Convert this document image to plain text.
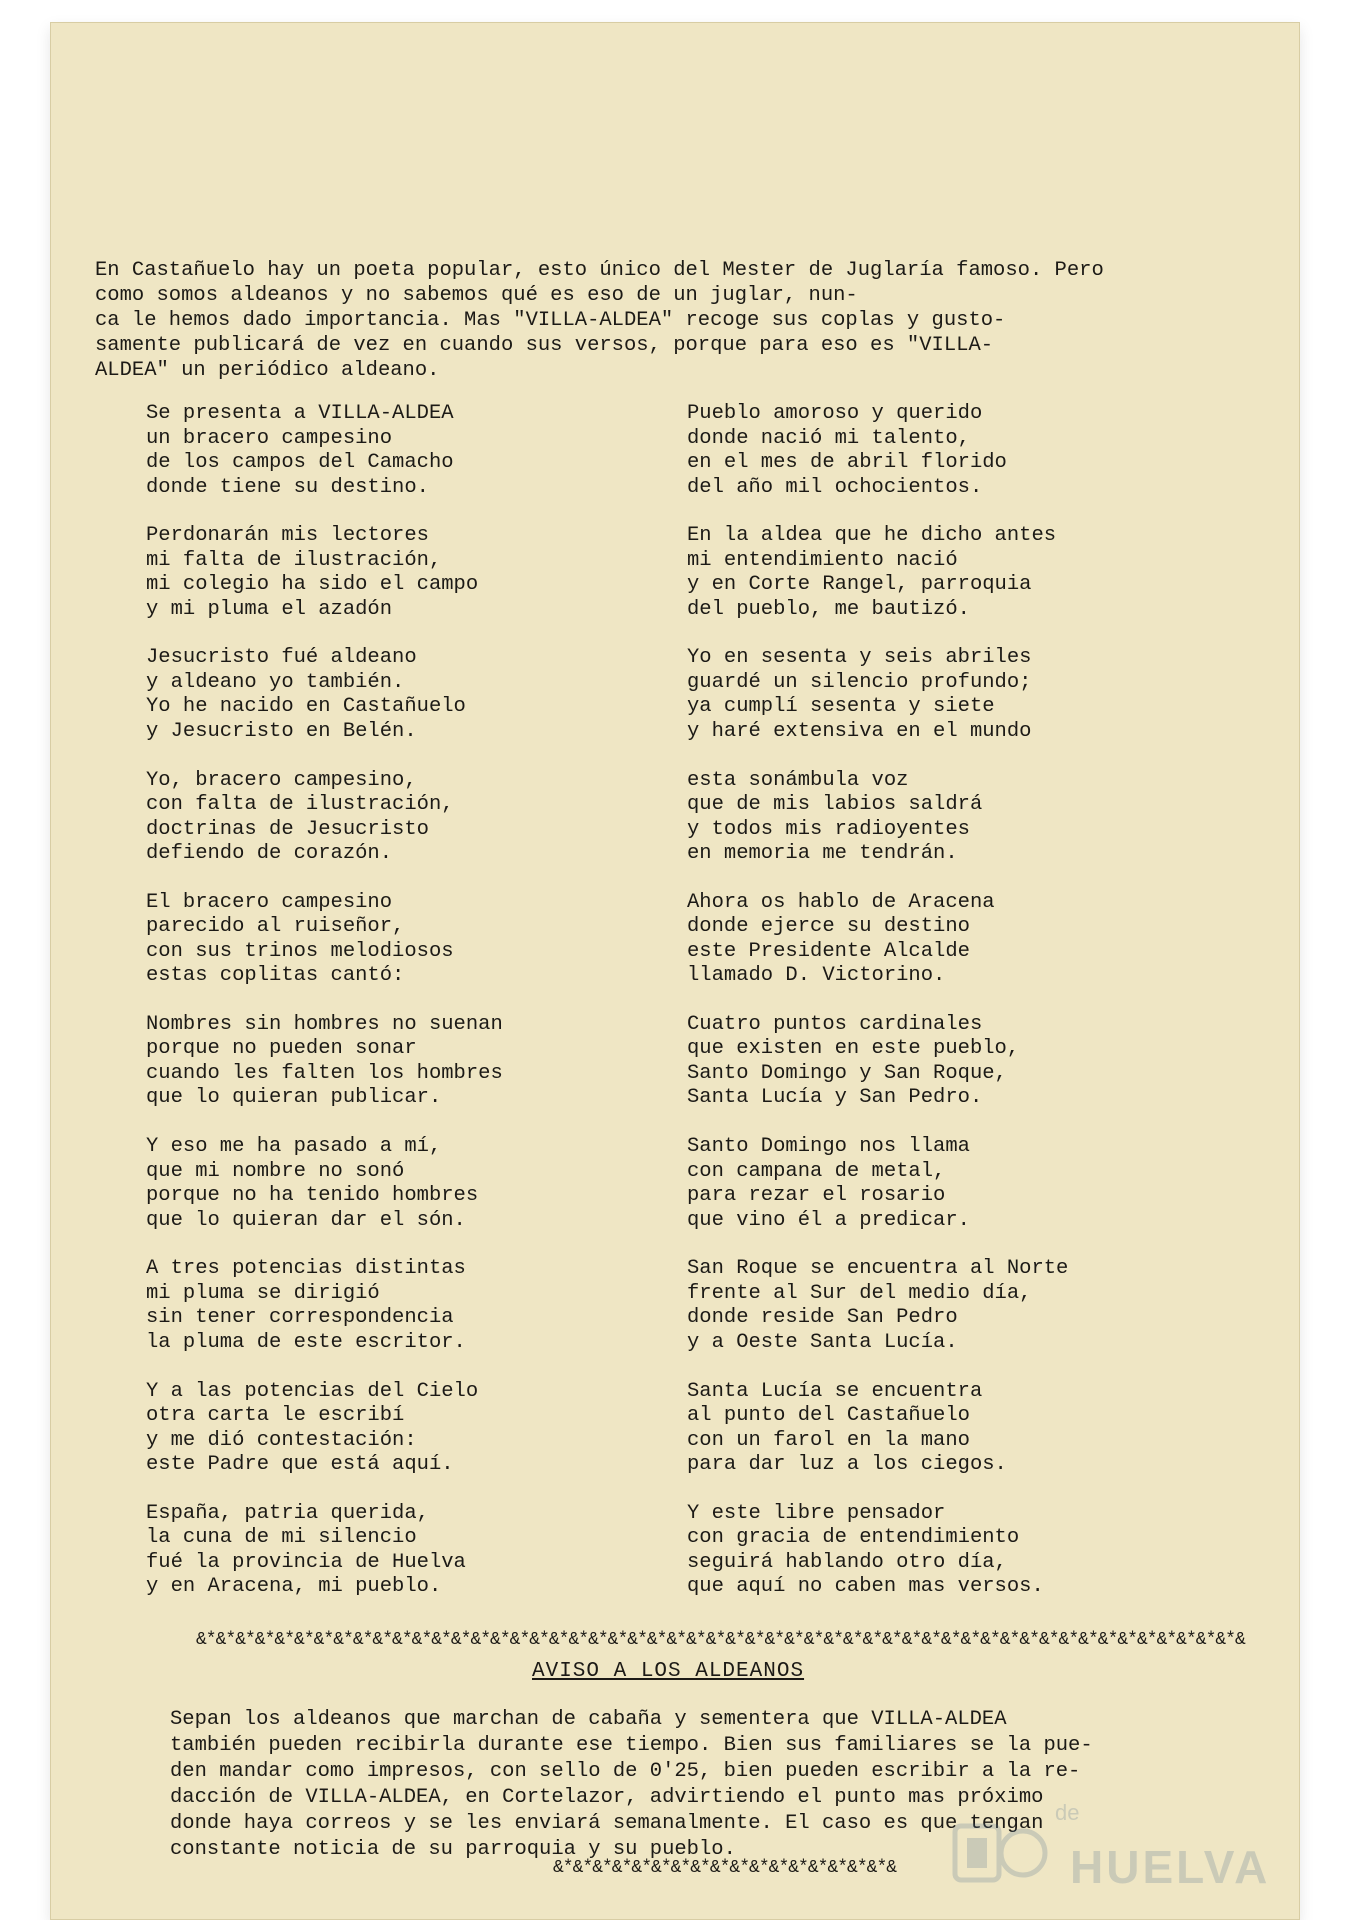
En Castañuelo hay un poeta popular, esto único del Mester de Juglaría famoso. Pero como somos aldeanos y no sabemos qué es eso de un juglar, nun-
ca le hemos dado importancia. Mas "VILLA-ALDEA" recoge sus coplas y gusto-
samente publicará de vez en cuando sus versos, porque para eso es "VILLA-
ALDEA" un periódico aldeano.

Se presenta a VILLA-ALDEA
un bracero campesino
de los campos del Camacho
donde tiene su destino.

Perdonarán mis lectores
mi falta de ilustración,
mi colegio ha sido el campo
y mi pluma el azadón

Jesucristo fué aldeano
y aldeano yo también.
Yo he nacido en Castañuelo
y Jesucristo en Belén.

Yo, bracero campesino,
con falta de ilustración,
doctrinas de Jesucristo
defiendo de corazón.

El bracero campesino
parecido al ruiseñor,
con sus trinos melodiosos
estas coplitas cantó:

Nombres sin hombres no suenan
porque no pueden sonar
cuando les falten los hombres
que lo quieran publicar.

Y eso me ha pasado a mí,
que mi nombre no sonó
porque no ha tenido hombres
que lo quieran dar el són.

A tres potencias distintas
mi pluma se dirigió
sin tener correspondencia
la pluma de este escritor.

Y a las potencias del Cielo
otra carta le escribí
y me dió contestación:
este Padre que está aquí.

España, patria querida,
la cuna de mi silencio
fué la provincia de Huelva
y en Aracena, mi pueblo.

Pueblo amoroso y querido
donde nació mi talento,
en el mes de abril florido
del año mil ochocientos.

En la aldea que he dicho antes
mi entendimiento nació
y en Corte Rangel, parroquia
del pueblo, me bautizó.

Yo en sesenta y seis abriles
guardé un silencio profundo;
ya cumplí sesenta y siete
y haré extensiva en el mundo

esta sonámbula voz
que de mis labios saldrá
y todos mis radioyentes
en memoria me tendrán.

Ahora os hablo de Aracena
donde ejerce su destino
este Presidente Alcalde
llamado D. Victorino.

Cuatro puntos cardinales
que existen en este pueblo,
Santo Domingo y San Roque,
Santa Lucía y San Pedro.

Santo Domingo nos llama
con campana de metal,
para rezar el rosario
que vino él a predicar.

San Roque se encuentra al Norte
frente al Sur del medio día,
donde reside San Pedro
y a Oeste Santa Lucía.

Santa Lucía se encuentra
al punto del Castañuelo
con un farol en la mano
para dar luz a los ciegos.

Y este libre pensador
con gracia de entendimiento
seguirá hablando otro día,
que aquí no caben mas versos.

&*&*&*&*&*&*&*&*&*&*&*&*&*&*&*&*&*&*&*&*&*&*&*&*&*&*&*&*&*&*&*&*&*&*&*&*&*&*&*&*&*&*&*&*&*&*&*&*&*&*&*&*&*&
AVISO A LOS ALDEANOS
Sepan los aldeanos que marchan de cabaña y sementera que VILLA-ALDEA
también pueden recibirla durante ese tiempo. Bien sus familiares se la pue-
den mandar como impresos, con sello de 0'25, bien pueden escribir a la re-
dacción de VILLA-ALDEA, en Cortelazor, advirtiendo el punto mas próximo
donde haya correos y se les enviará semanalmente. El caso es que tengan
constante noticia de su parroquia y su pueblo.
&*&*&*&*&*&*&*&*&*&*&*&*&*&*&*&*&*&
de
HUELVA
